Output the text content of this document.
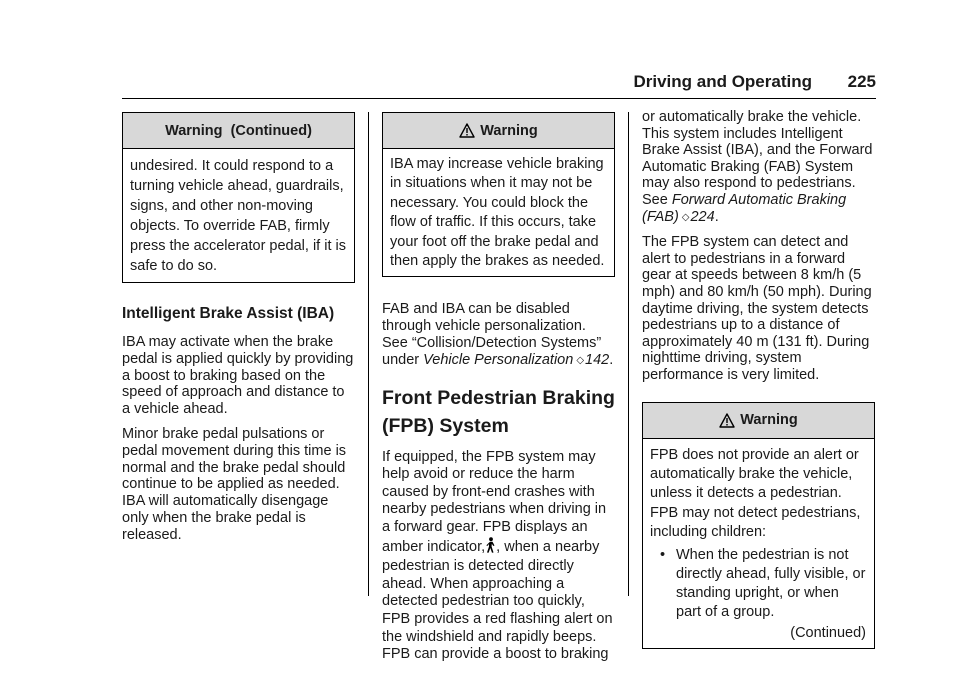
Driving and Operating 225
Warning  (Continued)

undesired. It could respond to a turning vehicle ahead, guardrails, signs, and other non-moving objects. To override FAB, firmly press the accelerator pedal, if it is safe to do so.

Intelligent Brake Assist (IBA)

IBA may activate when the brake pedal is applied quickly by providing a boost to braking based on the speed of approach and distance to a vehicle ahead.

Minor brake pedal pulsations or pedal movement during this time is normal and the brake pedal should continue to be applied as needed. IBA will automatically disengage only when the brake pedal is released.

Warning

IBA may increase vehicle braking in situations when it may not be necessary. You could block the flow of traffic. If this occurs, take your foot off the brake pedal and then apply the brakes as needed.

FAB and IBA can be disabled through vehicle personalization. See “Collision/Detection Systems” under Vehicle Personalization ◇142.

Front Pedestrian Braking (FPB) System

If equipped, the FPB system may help avoid or reduce the harm caused by front-end crashes with nearby pedestrians when driving in a forward gear. FPB displays an amber indicator, , when a nearby pedestrian is detected directly ahead. When approaching a detected pedestrian too quickly, FPB provides a red flashing alert on the windshield and rapidly beeps. FPB can provide a boost to braking

or automatically brake the vehicle. This system includes Intelligent Brake Assist (IBA), and the Forward Automatic Braking (FAB) System may also respond to pedestrians. See Forward Automatic Braking (FAB) ◇224.

The FPB system can detect and alert to pedestrians in a forward gear at speeds between 8 km/h (5 mph) and 80 km/h (50 mph). During daytime driving, the system detects pedestrians up to a distance of approximately 40 m (131 ft). During nighttime driving, system performance is very limited.

Warning

FPB does not provide an alert or automatically brake the vehicle, unless it detects a pedestrian. FPB may not detect pedestrians, including children:

• When the pedestrian is not directly ahead, fully visible, or standing upright, or when part of a group.
(Continued)
